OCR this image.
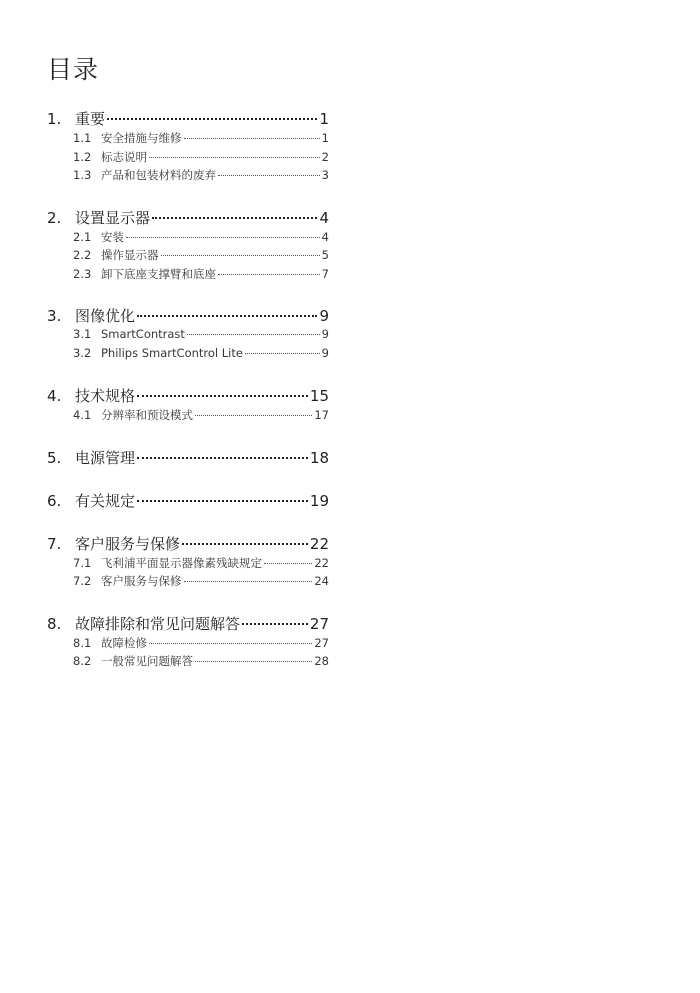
目录
1. 重要	1
1.1 安全措施与维修	1
1.2 标志说明	2
1.3 产品和包装材料的废弃	3
2. 设置显示器	4
2.1 安装	4
2.2 操作显示器	5
2.3 卸下底座支撑臂和底座	7
3. 图像优化	9
3.1 SmartContrast	9
3.2 Philips SmartControl Lite	9
4. 技术规格	15
4.1 分辨率和预设模式	17
5. 电源管理	18
6. 有关规定	19
7. 客户服务与保修	22
7.1 飞利浦平面显示器像素残缺规定	22
7.2 客户服务与保修	24
8. 故障排除和常见问题解答	27
8.1 故障检修	27
8.2 一般常见问题解答	28
